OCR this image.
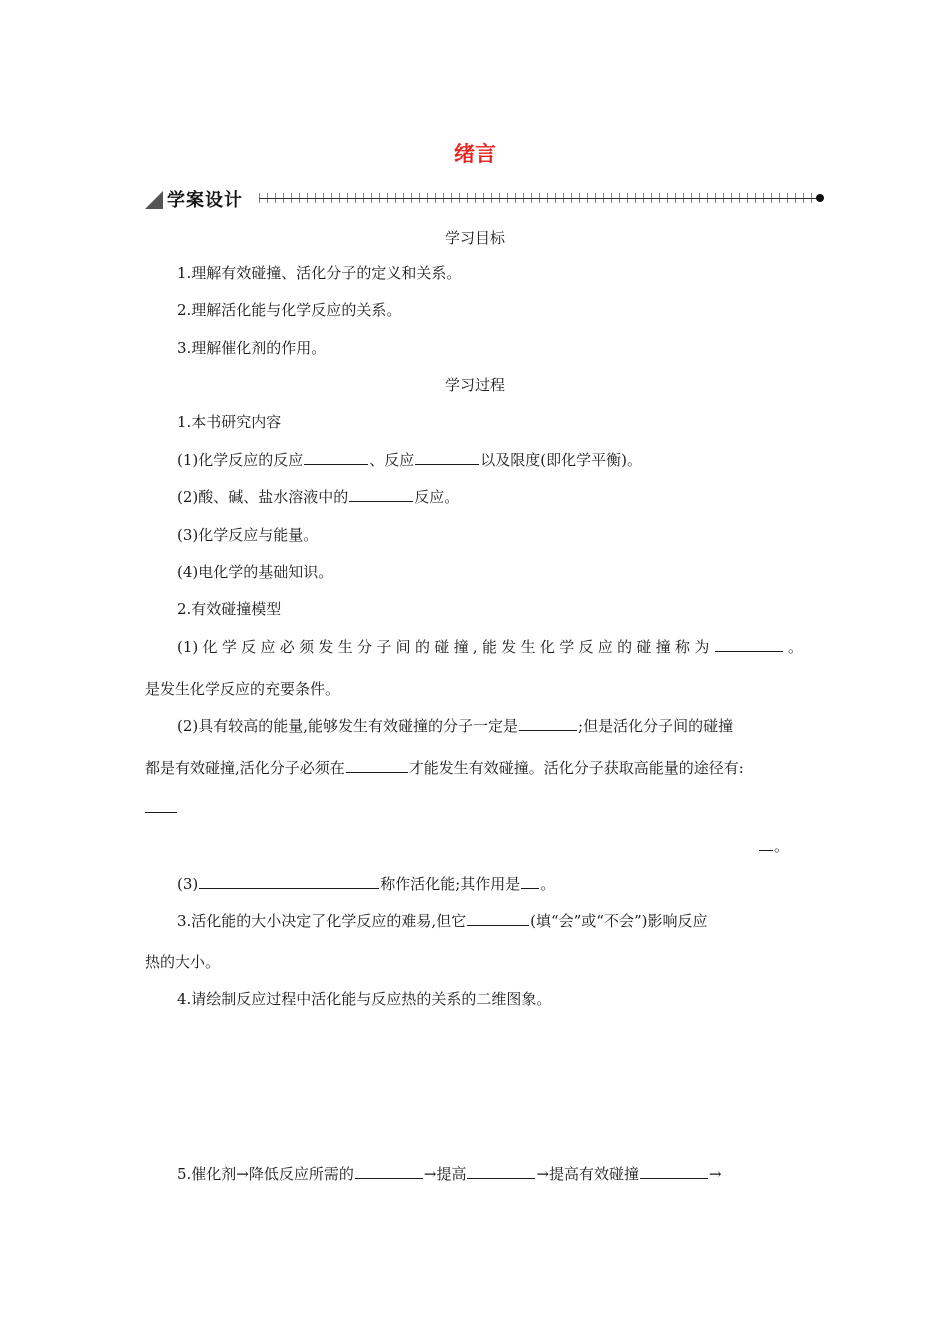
绪言
学案设计
学习目标
1.理解有效碰撞、活化分子的定义和关系。
2.理解活化能与化学反应的关系。
3.理解催化剂的作用。
学习过程
1.本书研究内容
(1)化学反应的反应	、反应	以及限度(即化学平衡)。
(2)酸、碱、盐水溶液中的	反应。
(3)化学反应与能量。
(4)电化学的基础知识。
2.有效碰撞模型
(1)化学反应必须发生分子间的碰撞,能发生化学反应的碰撞称为	。
是发生化学反应的充要条件。
(2)具有较高的能量,能够发生有效碰撞的分子一定是	;但是活化分子间的碰撞
都是有效碰撞,活化分子必须在	才能发生有效碰撞。活化分子获取高能量的途径有:
。
(3)	称作活化能;其作用是 。
3.活化能的大小决定了化学反应的难易,但它	(填“会”或“不会”)影响反应
热的大小。
4.请绘制反应过程中活化能与反应热的关系的二维图象。
5.催化剂→降低反应所需的	→提高	→提高有效碰撞	→
